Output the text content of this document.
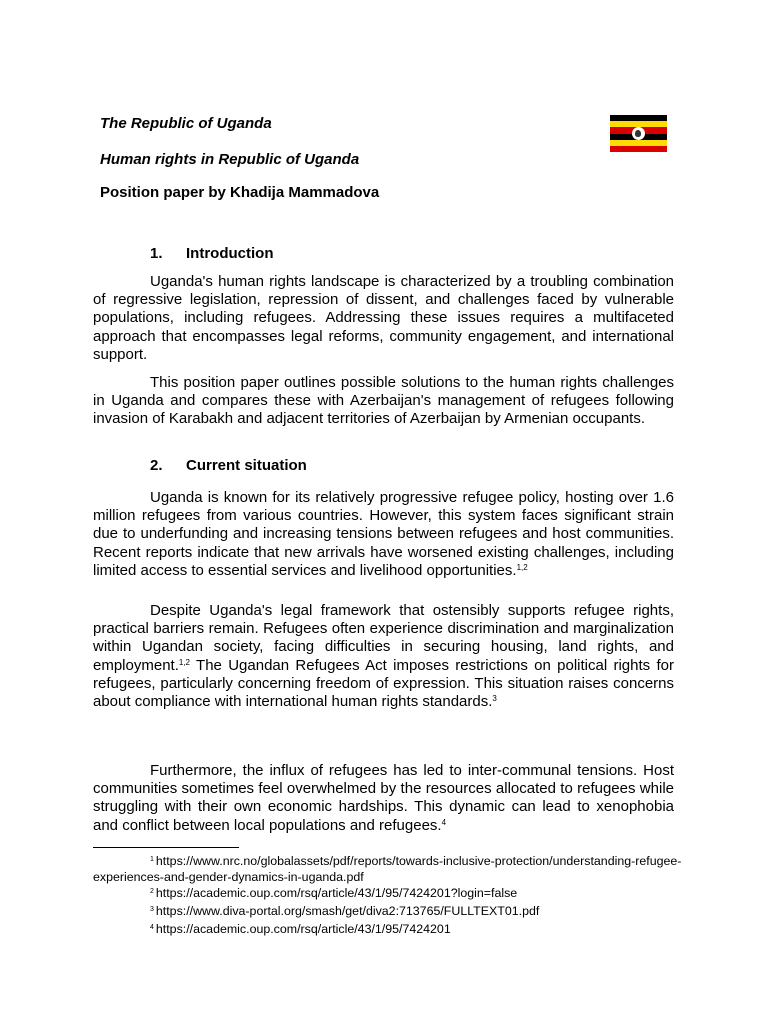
The Republic of Uganda
Human rights in Republic of Uganda
Position paper by Khadija Mammadova
1. Introduction

Uganda's human rights landscape is characterized by a troubling combination of regressive legislation, repression of dissent, and challenges faced by vulnerable populations, including refugees. Addressing these issues requires a multifaceted approach that encompasses legal reforms, community engagement, and international support.

This position paper outlines possible solutions to the human rights challenges in Uganda and compares these with Azerbaijan's management of refugees following invasion of Karabakh and adjacent territories of Azerbaijan by Armenian occupants.

2. Current situation

Uganda is known for its relatively progressive refugee policy, hosting over 1.6 million refugees from various countries. However, this system faces significant strain due to underfunding and increasing tensions between refugees and host communities. Recent reports indicate that new arrivals have worsened existing challenges, including limited access to essential services and livelihood opportunities.$^{1,2}$

Despite Uganda's legal framework that ostensibly supports refugee rights, practical barriers remain. Refugees often experience discrimination and marginalization within Ugandan society, facing difficulties in securing housing, land rights, and employment.$^{1,2}$ The Ugandan Refugees Act imposes restrictions on political rights for refugees, particularly concerning freedom of expression. This situation raises concerns about compliance with international human rights standards.$^3$

Furthermore, the influx of refugees has led to inter-communal tensions. Host communities sometimes feel overwhelmed by the resources allocated to refugees while struggling with their own economic hardships. This dynamic can lead to xenophobia and conflict between local populations and refugees.$^4$

$^1$ https://www.nrc.no/globalassets/pdf/reports/towards-inclusive-protection/understanding-refugee-experiences-and-gender-dynamics-in-uganda.pdf

$^2$ https://academic.oup.com/rsq/article/43/1/95/7424201?login=false

$^3$ https://www.diva-portal.org/smash/get/diva2:713765/FULLTEXT01.pdf

$^4$ https://academic.oup.com/rsq/article/43/1/95/7424201
